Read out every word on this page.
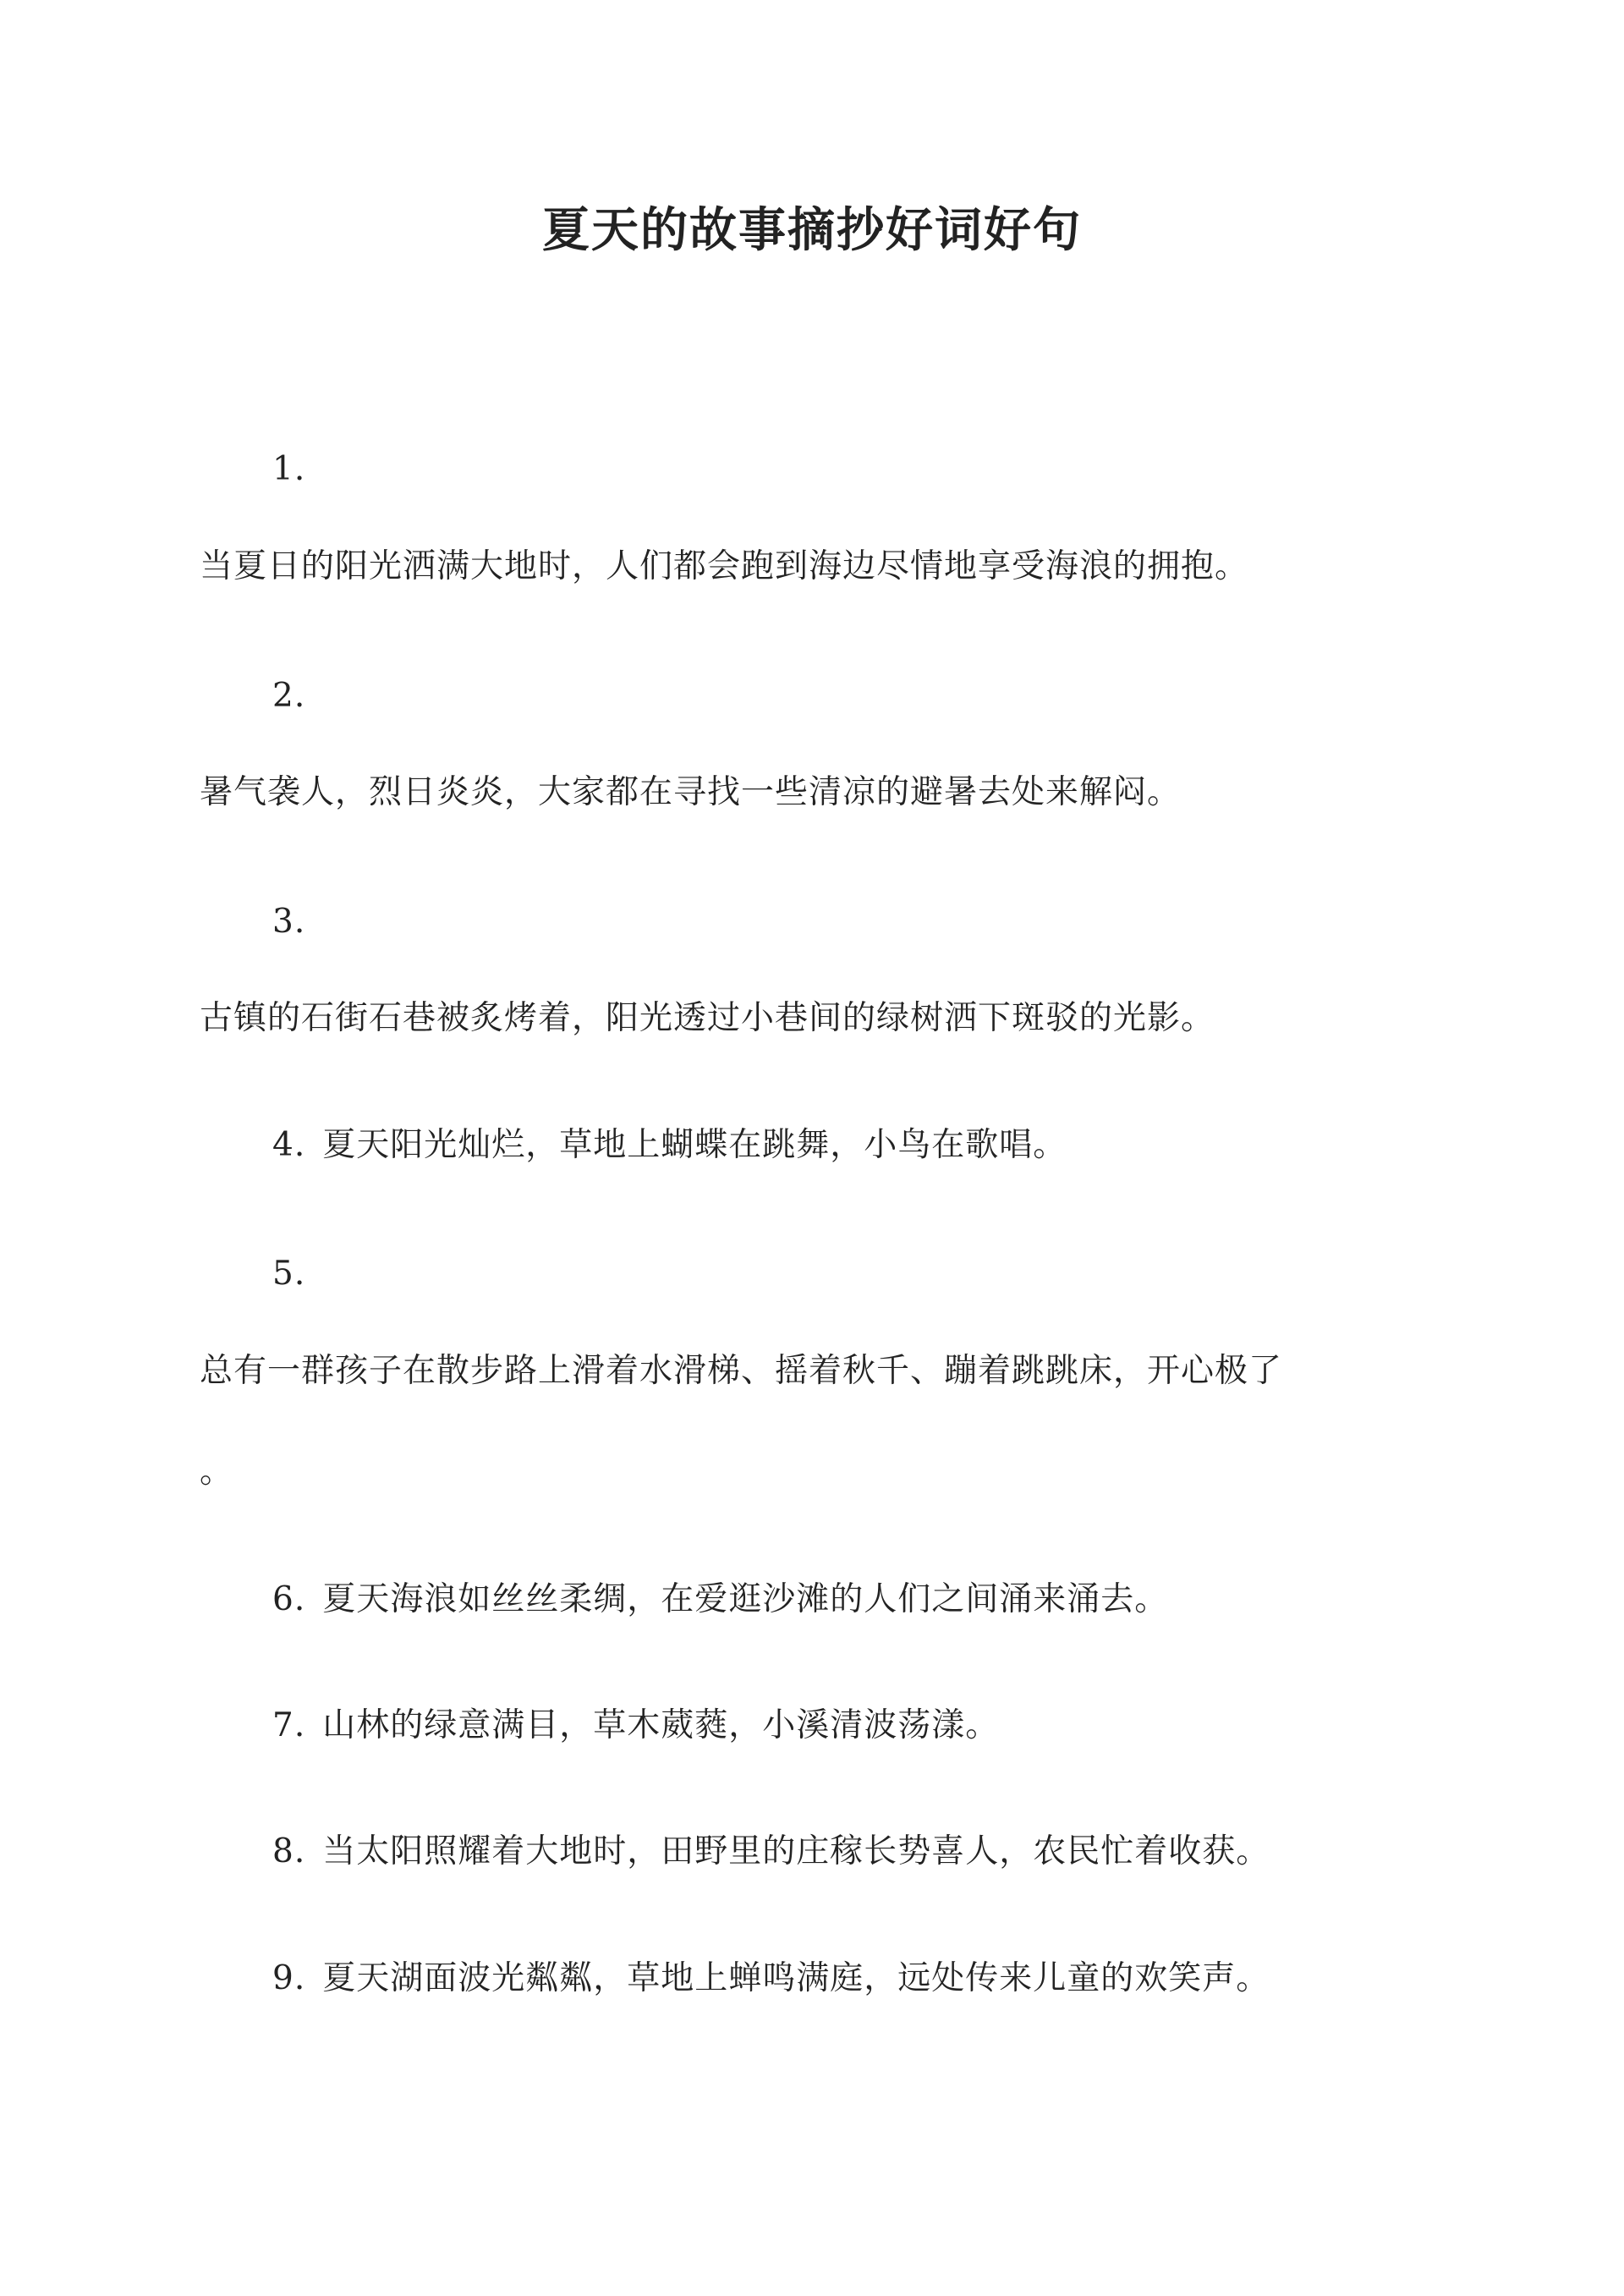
夏天的故事摘抄好词好句
1.
当夏日的阳光洒满大地时，人们都会跑到海边尽情地享受海浪的拥抱。
2.
暑气袭人，烈日炎炎，大家都在寻找一些清凉的避暑去处来解闷。
3.
古镇的石街石巷被炙烤着，阳光透过小巷间的绿树洒下斑驳的光影。
4. 夏天阳光灿烂，草地上蝴蝶在跳舞，小鸟在歌唱。
5.
总有一群孩子在散步路上滑着水滑梯、摇着秋千、蹦着跳跳床，开心极了
。
6. 夏天海浪如丝丝柔绸，在爱逛沙滩的人们之间涌来涌去。
7. 山林的绿意满目，草木葳蕤，小溪清波荡漾。
8. 当太阳照耀着大地时，田野里的庄稼长势喜人，农民忙着收获。
9. 夏天湖面波光粼粼，草地上蝉鸣满庭，远处传来儿童的欢笑声。
